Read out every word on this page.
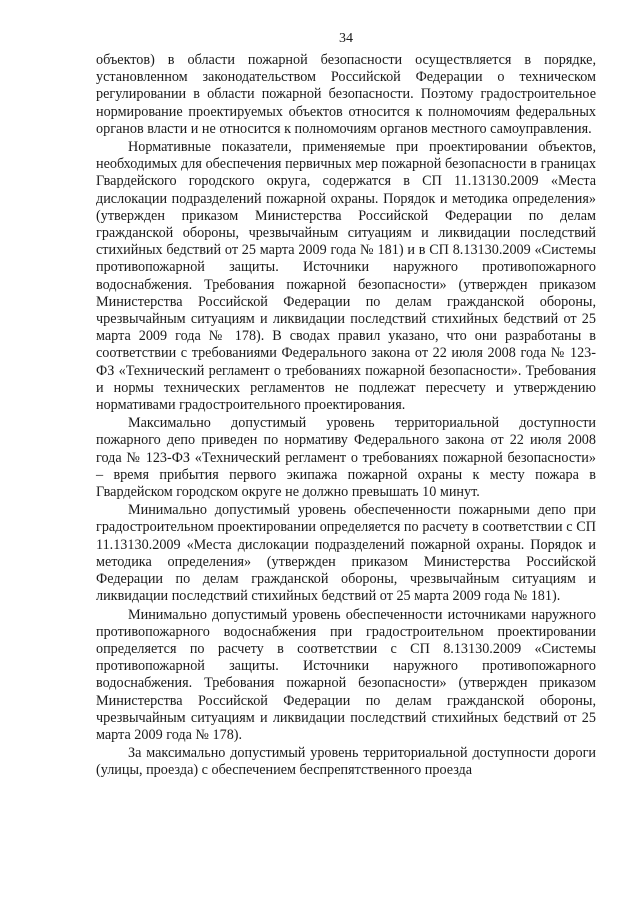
34

объектов) в области пожарной безопасности осуществляется в порядке, установленном законодательством Российской Федерации о техническом регулировании в области пожарной безопасности. Поэтому градостроительное нормирование проектируемых объектов относится к полномочиям федеральных органов власти и не относится к полномочиям органов местного самоуправления.

Нормативные показатели, применяемые при проектировании объектов, необходимых для обеспечения первичных мер пожарной безопасности в границах Гвардейского городского округа, содержатся в СП 11.13130.2009 «Места дислокации подразделений пожарной охраны. Порядок и методика определения» (утвержден приказом Министерства Российской Федерации по делам гражданской обороны, чрезвычайным ситуациям и ликвидации последствий стихийных бедствий от 25 марта 2009 года № 181) и в СП 8.13130.2009 «Системы противопожарной защиты. Источники наружного противопожарного водоснабжения. Требования пожарной безопасности» (утвержден приказом Министерства Российской Федерации по делам гражданской обороны, чрезвычайным ситуациям и ликвидации последствий стихийных бедствий от 25 марта 2009 года № 178). В сводах правил указано, что они разработаны в соответствии с требованиями Федерального закона от 22 июля 2008 года № 123-ФЗ «Технический регламент о требованиях пожарной безопасности». Требования и нормы технических регламентов не подлежат пересчету и утверждению нормативами градостроительного проектирования.

Максимально допустимый уровень территориальной доступности пожарного депо приведен по нормативу Федерального закона от 22 июля 2008 года № 123-ФЗ «Технический регламент о требованиях пожарной безопасности» – время прибытия первого экипажа пожарной охраны к месту пожара в Гвардейском городском округе не должно превышать 10 минут.

Минимально допустимый уровень обеспеченности пожарными депо при градостроительном проектировании определяется по расчету в соответствии с СП 11.13130.2009 «Места дислокации подразделений пожарной охраны. Порядок и методика определения» (утвержден приказом Министерства Российской Федерации по делам гражданской обороны, чрезвычайным ситуациям и ликвидации последствий стихийных бедствий от 25 марта 2009 года № 181).

Минимально допустимый уровень обеспеченности источниками наружного противопожарного водоснабжения при градостроительном проектировании определяется по расчету в соответствии с СП 8.13130.2009 «Системы противопожарной защиты. Источники наружного противопожарного водоснабжения. Требования пожарной безопасности» (утвержден приказом Министерства Российской Федерации по делам гражданской обороны, чрезвычайным ситуациям и ликвидации последствий стихийных бедствий от 25 марта 2009 года № 178).

За максимально допустимый уровень территориальной доступности дороги (улицы, проезда) с обеспечением беспрепятственного проезда
